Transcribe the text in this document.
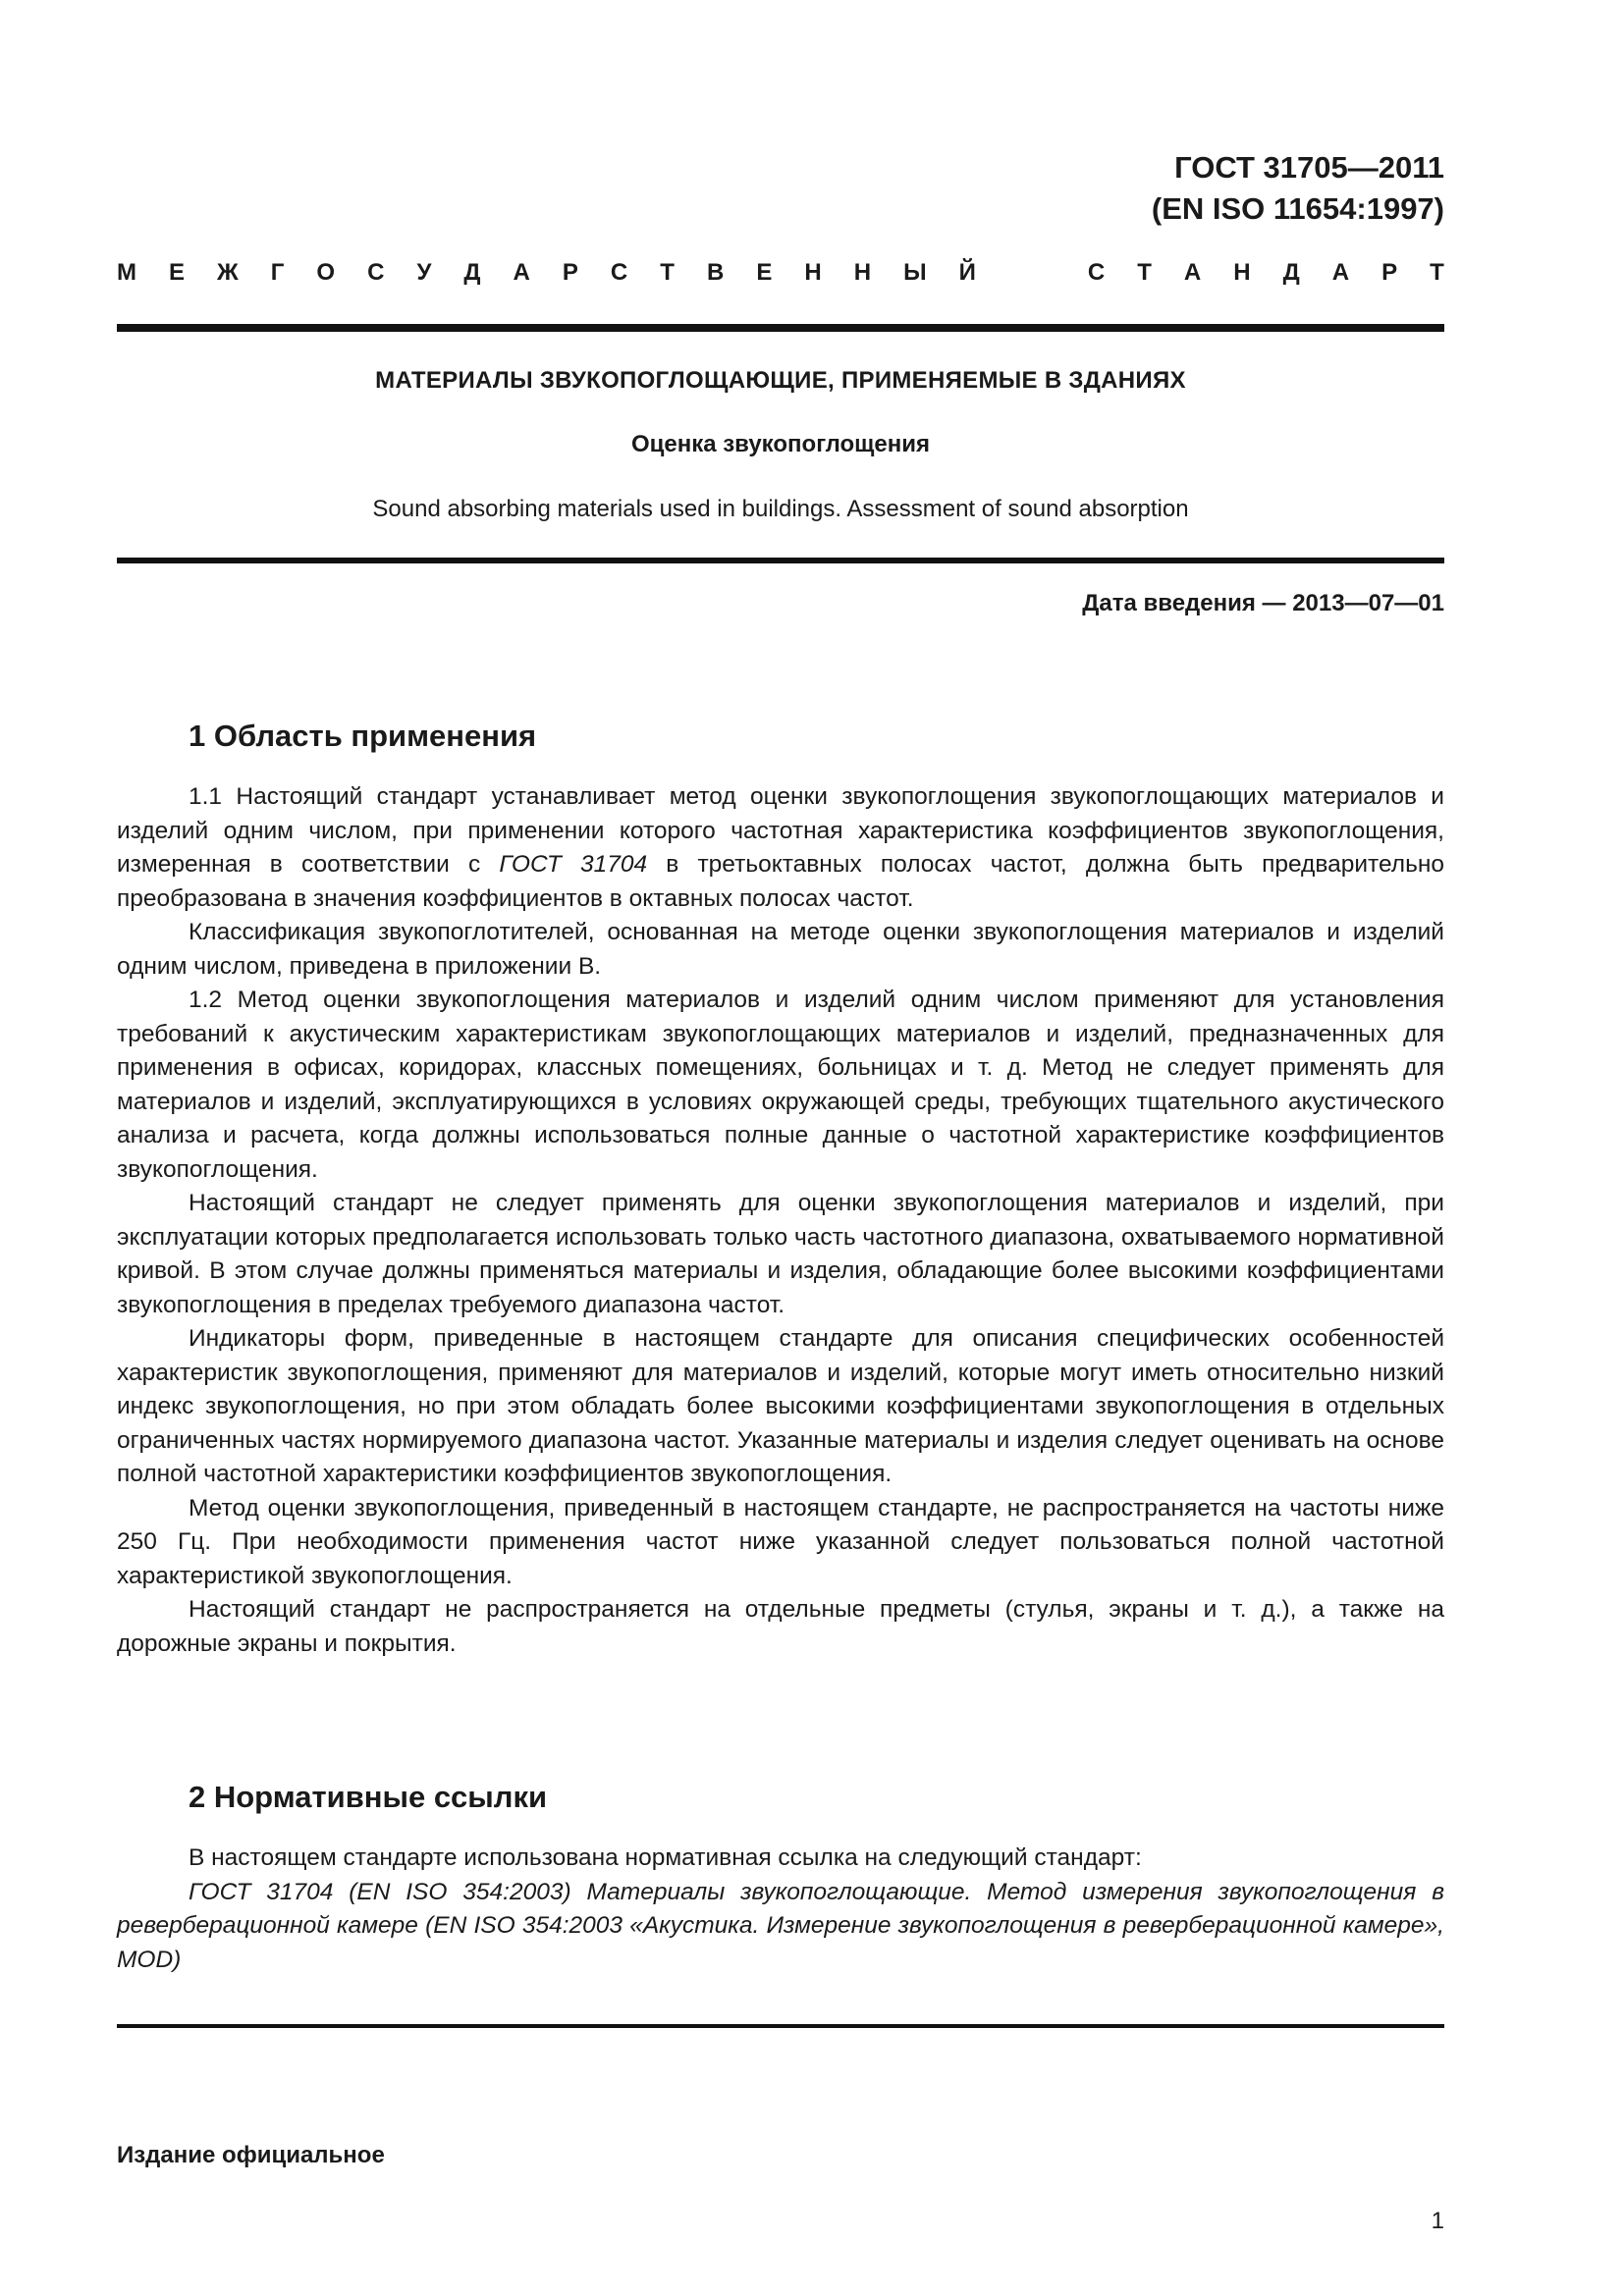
ГОСТ 31705—2011
(EN ISO 11654:1997)
М Е Ж Г О С У Д А Р С Т В Е Н Н Ы Й	С Т А Н Д А Р Т
МАТЕРИАЛЫ ЗВУКОПОГЛОЩАЮЩИЕ, ПРИМЕНЯЕМЫЕ В ЗДАНИЯХ
Оценка звукопоглощения
Sound absorbing materials used in buildings. Assessment of sound absorption
Дата введения — 2013—07—01
1 Область применения

1.1 Настоящий стандарт устанавливает метод оценки звукопоглощения звукопоглощающих материалов и изделий одним числом, при применении которого частотная характеристика коэффициентов звукопоглощения, измеренная в соответствии с ГОСТ 31704 в третьоктавных полосах частот, должна быть предварительно преобразована в значения коэффициентов в октавных полосах частот.

Классификация звукопоглотителей, основанная на методе оценки звукопоглощения материалов и изделий одним числом, приведена в приложении В.

1.2 Метод оценки звукопоглощения материалов и изделий одним числом применяют для установления требований к акустическим характеристикам звукопоглощающих материалов и изделий, предназначенных для применения в офисах, коридорах, классных помещениях, больницах и т. д. Метод не следует применять для материалов и изделий, эксплуатирующихся в условиях окружающей среды, требующих тщательного акустического анализа и расчета, когда должны использоваться полные данные о частотной характеристике коэффициентов звукопоглощения.

Настоящий стандарт не следует применять для оценки звукопоглощения материалов и изделий, при эксплуатации которых предполагается использовать только часть частотного диапазона, охватываемого нормативной кривой. В этом случае должны применяться материалы и изделия, обладающие более высокими коэффициентами звукопоглощения в пределах требуемого диапазона частот.

Индикаторы форм, приведенные в настоящем стандарте для описания специфических особенностей характеристик звукопоглощения, применяют для материалов и изделий, которые могут иметь относительно низкий индекс звукопоглощения, но при этом обладать более высокими коэффициентами звукопоглощения в отдельных ограниченных частях нормируемого диапазона частот. Указанные материалы и изделия следует оценивать на основе полной частотной характеристики коэффициентов звукопоглощения.

Метод оценки звукопоглощения, приведенный в настоящем стандарте, не распространяется на частоты ниже 250 Гц. При необходимости применения частот ниже указанной следует пользоваться полной частотной характеристикой звукопоглощения.

Настоящий стандарт не распространяется на отдельные предметы (стулья, экраны и т. д.), а также на дорожные экраны и покрытия.

2 Нормативные ссылки

В настоящем стандарте использована нормативная ссылка на следующий стандарт:

ГОСТ 31704 (EN ISO 354:2003) Материалы звукопоглощающие. Метод измерения звукопоглощения в реверберационной камере (EN ISO 354:2003 «Акустика. Измерение звукопоглощения в реверберационной камере», MOD)

Издание официальное
1
